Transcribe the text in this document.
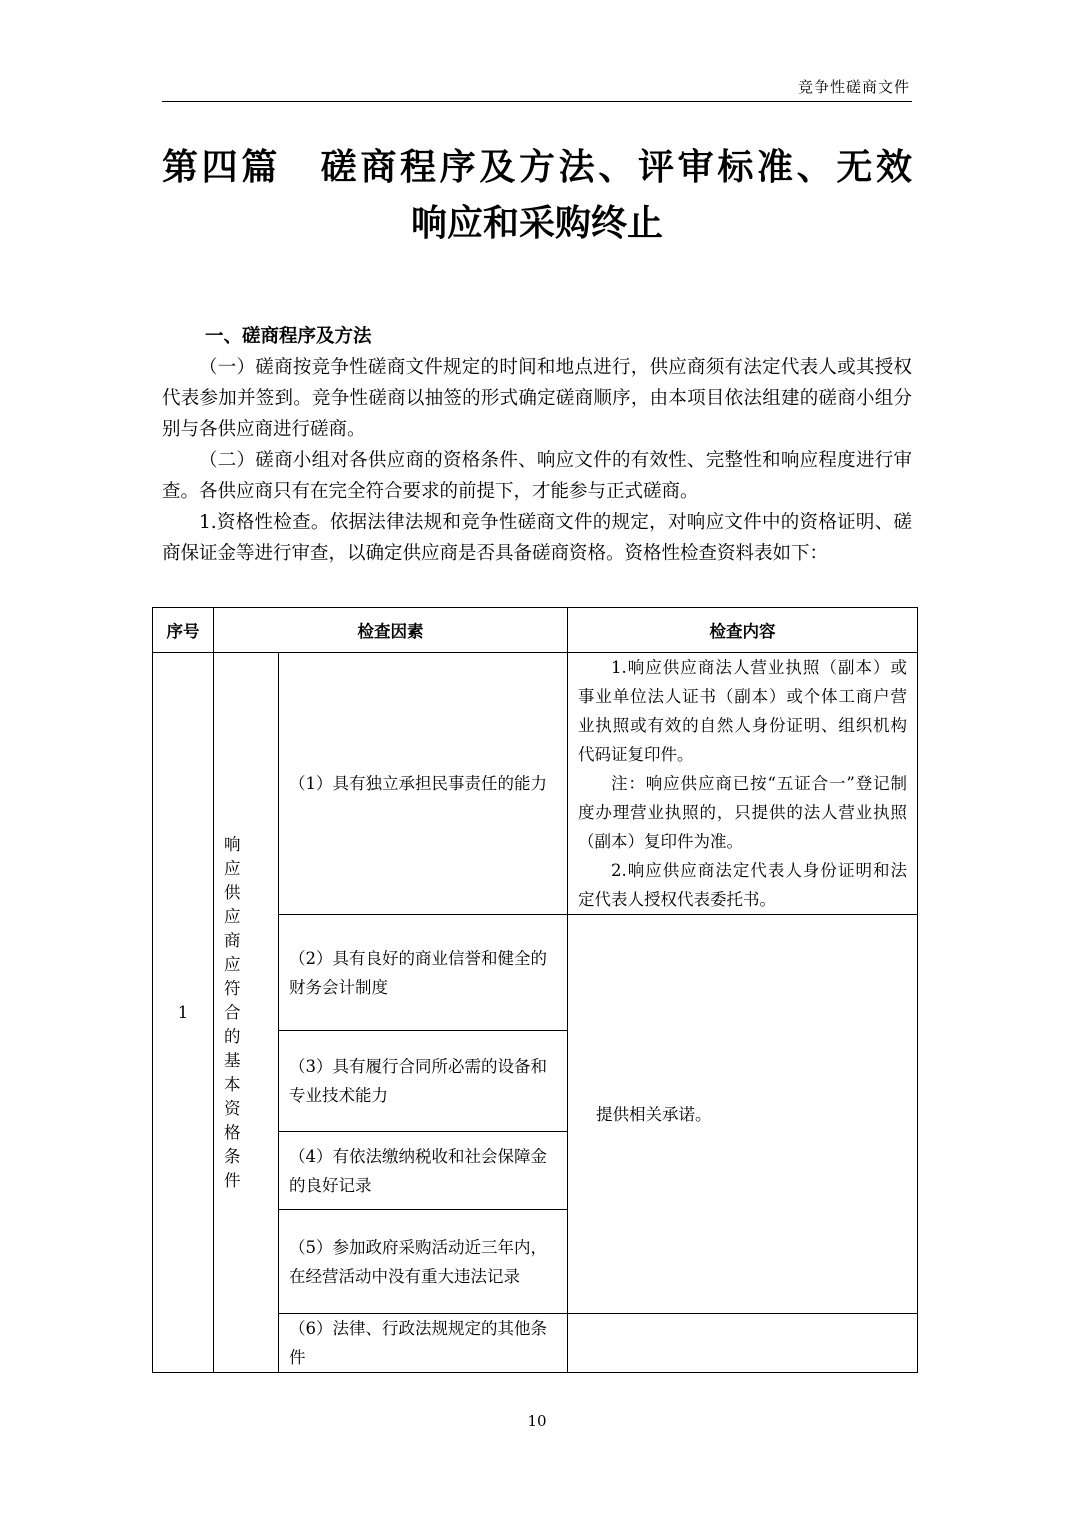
竞争性磋商文件
第四篇　磋商程序及方法、评审标准、无效
响应和采购终止
一、磋商程序及方法

（一）磋商按竞争性磋商文件规定的时间和地点进行，供应商须有法定代表人或其授权代表参加并签到。竞争性磋商以抽签的形式确定磋商顺序，由本项目依法组建的磋商小组分别与各供应商进行磋商。

（二）磋商小组对各供应商的资格条件、响应文件的有效性、完整性和响应程度进行审查。各供应商只有在完全符合要求的前提下，才能参与正式磋商。

1.资格性检查。依据法律法规和竞争性磋商文件的规定，对响应文件中的资格证明、磋商保证金等进行审查，以确定供应商是否具备磋商资格。资格性检查资料表如下：

序号	检查因素		检查内容
1	响应供应商应符合的基本资格条件	（1）具有独立承担民事责任的能力	1.响应供应商法人营业执照（副本）或事业单位法人证书（副本）或个体工商户营业执照或有效的自然人身份证明、组织机构代码证复印件。

注：响应供应商已按“五证合一”登记制度办理营业执照的，只提供的法人营业执照（副本）复印件为准。

2.响应供应商法定代表人身份证明和法定代表人授权代表委托书。

		（2）具有良好的商业信誉和健全的财务会计制度	提供相关承诺。
		（3）具有履行合同所必需的设备和专业技术能力	
		（4）有依法缴纳税收和社会保障金的良好记录	
		（5）参加政府采购活动近三年内，在经营活动中没有重大违法记录	
		（6）法律、行政法规规定的其他条件	
10
